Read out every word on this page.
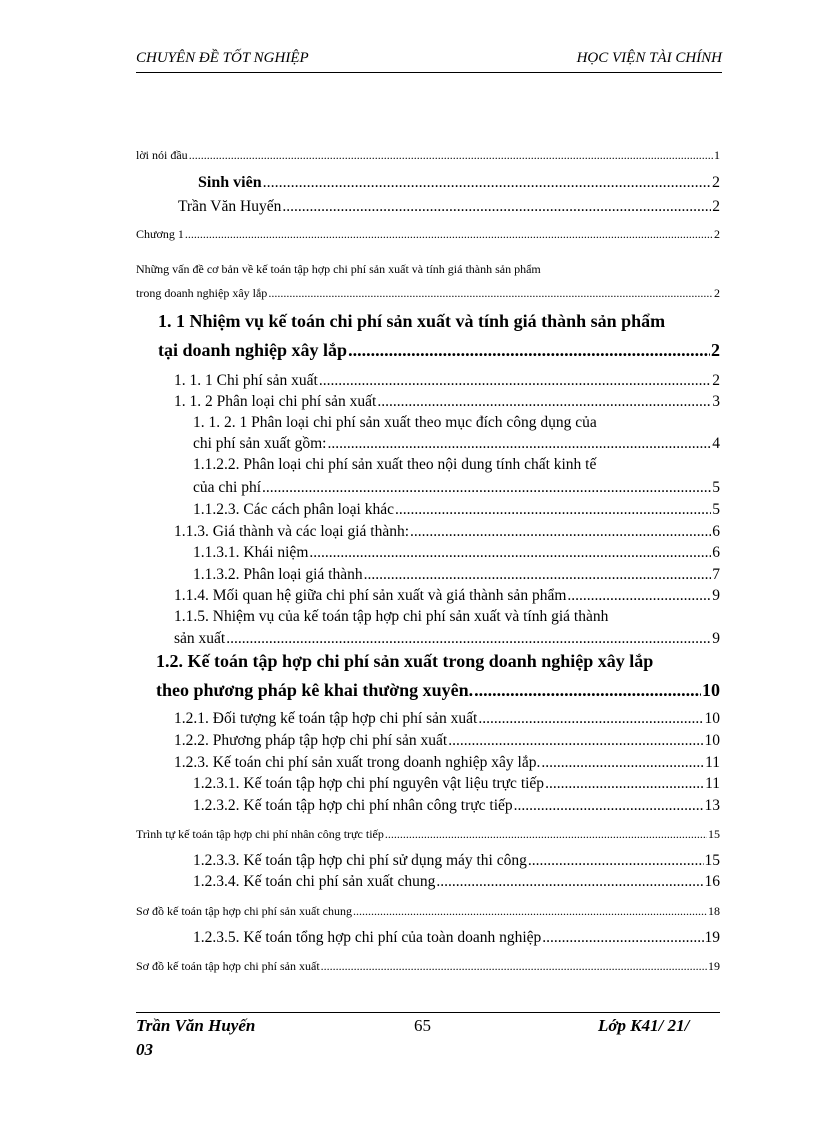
CHUYÊN ĐỀ TỐT NGHIỆP	HỌC VIỆN TÀI CHÍNH
lời nói đầu .....	1
Sinh viên .....	2
Trần Văn Huyến .....	2
Chương 1 .....	2
Những vấn đề cơ bản về kế toán tập hợp chi phí sản xuất và tính giá thành sản phẩm
trong doanh nghiệp xây lắp .....	2
1. 1 Nhiệm vụ kế toán chi phí sản xuất và tính giá thành sản phẩm
tại doanh nghiệp xây lắp .....	2
1. 1. 1 Chi phí sản xuất .....	2
1. 1. 2 Phân loại chi phí sản xuất .....	3
1. 1. 2. 1 Phân loại chi phí sản xuất theo mục đích công dụng của
chi phí sản xuất gồm: .....	4
1.1.2.2. Phân loại chi phí sản xuất theo nội dung tính chất kinh tế
của chi phí .....	5
1.1.2.3. Các cách phân loại khác .....	5
1.1.3. Giá thành và các loại giá thành: .....	6
1.1.3.1. Khái niệm .....	6
1.1.3.2. Phân loại giá thành .....	7
1.1.4. Mối quan hệ giữa chi phí sản xuất và giá thành sản phẩm .....	9
1.1.5. Nhiệm vụ của kế toán tập hợp chi phí sản xuất và tính giá thành
sản xuất .....	9
1.2. Kế toán tập hợp chi phí sản xuất trong doanh nghiệp xây lắp
theo phương pháp kê khai thường xuyên. .....	10
1.2.1. Đối tượng kế toán tập hợp chi phí sản xuất .....	10
1.2.2. Phương pháp tập hợp chi phí sản xuất .....	10
1.2.3. Kế toán chi phí sản xuất trong doanh nghiệp xây lắp. .....	11
1.2.3.1. Kế toán tập hợp chi phí nguyên vật liệu trực tiếp .....	11
1.2.3.2. Kế toán tập hợp chi phí nhân công trực tiếp .....	13
Trình tự kế toán tập hợp chi phí nhân công trực tiếp .....	15
1.2.3.3. Kế toán tập hợp chi phí sử dụng máy thi công .....	15
1.2.3.4. Kế toán chi phí sản xuất chung .....	16
Sơ đồ kế toán tập hợp chi phí sản xuất chung .....	18
1.2.3.5. Kế toán tổng hợp chi phí của toàn doanh nghiệp .....	19
Sơ đồ kế toán tập hợp chi phí sản xuất .....	19
Trần Văn Huyến	65	Lớp K41/ 21/
03
